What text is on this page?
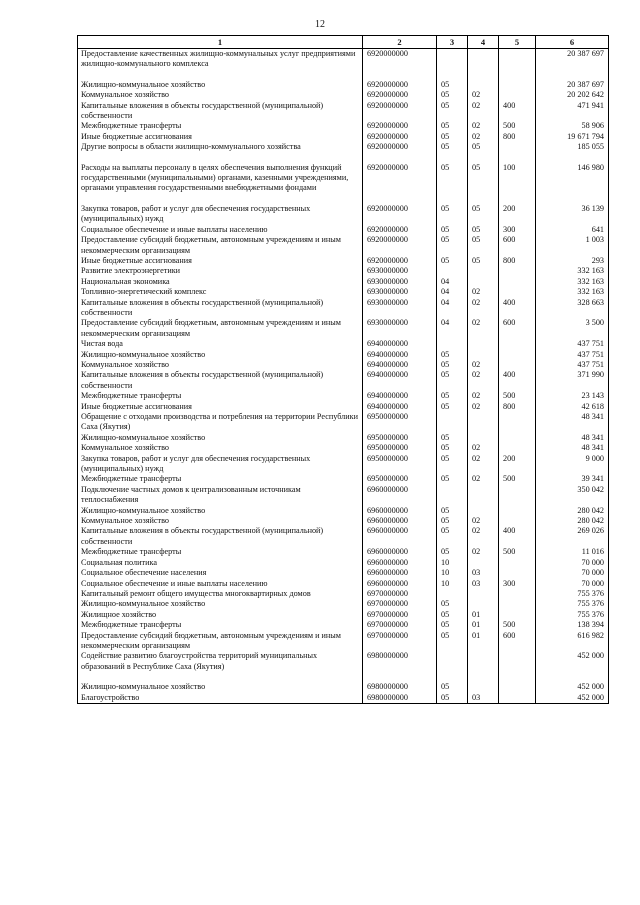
12
1	2	3	4	5	6
Предоставление качественных жилищно-коммунальных услуг предприятиями жилищно-коммунального комплекса	6920000000				20 387 697

Жилищно-коммунальное хозяйство	6920000000	05			20 387 697
Коммунальное хозяйство	6920000000	05	02		20 202 642
Капитальные вложения в объекты государственной (муниципальной) собственности	6920000000	05	02	400	471 941
Межбюджетные трансферты	6920000000	05	02	500	58 906
Иные бюджетные ассигнования	6920000000	05	02	800	19 671 794
Другие вопросы в области жилищно-коммунального хозяйства	6920000000	05	05		185 055

Расходы на выплаты персоналу в целях обеспечения выполнения функций государственными (муниципальными) органами, казенными учреждениями, органами управления государственными внебюджетными фондами	6920000000	05	05	100	146 980

Закупка товаров, работ и услуг для обеспечения государственных (муниципальных) нужд	6920000000	05	05	200	36 139
Социальное обеспечение и иные выплаты населению	6920000000	05	05	300	641
Предоставление субсидий бюджетным, автономным учреждениям и иным некоммерческим организациям	6920000000	05	05	600	1 003
Иные бюджетные ассигнования	6920000000	05	05	800	293
Развитие электроэнергетики	6930000000				332 163
Национальная экономика	6930000000	04			332 163
Топливно-энергетический комплекс	6930000000	04	02		332 163
Капитальные вложения в объекты государственной (муниципальной) собственности	6930000000	04	02	400	328 663
Предоставление субсидий бюджетным, автономным учреждениям и иным некоммерческим организациям	6930000000	04	02	600	3 500
Чистая вода	6940000000				437 751
Жилищно-коммунальное хозяйство	6940000000	05			437 751
Коммунальное хозяйство	6940000000	05	02		437 751
Капитальные вложения в объекты государственной (муниципальной) собственности	6940000000	05	02	400	371 990
Межбюджетные трансферты	6940000000	05	02	500	23 143
Иные бюджетные ассигнования	6940000000	05	02	800	42 618
Обращение с отходами производства и потребления на территории Республики Саха (Якутия)	6950000000				48 341
Жилищно-коммунальное хозяйство	6950000000	05			48 341
Коммунальное хозяйство	6950000000	05	02		48 341
Закупка товаров, работ и услуг для обеспечения государственных (муниципальных) нужд	6950000000	05	02	200	9 000
Межбюджетные трансферты	6950000000	05	02	500	39 341
Подключение частных домов к централизованным источникам теплоснабжения	6960000000				350 042
Жилищно-коммунальное хозяйство	6960000000	05			280 042
Коммунальное хозяйство	6960000000	05	02		280 042
Капитальные вложения в объекты государственной (муниципальной) собственности	6960000000	05	02	400	269 026
Межбюджетные трансферты	6960000000	05	02	500	11 016
Социальная политика	6960000000	10			70 000
Социальное обеспечение населения	6960000000	10	03		70 000
Социальное обеспечение и иные выплаты населению	6960000000	10	03	300	70 000
Капитальный ремонт общего имущества многоквартирных домов	6970000000				755 376
Жилищно-коммунальное хозяйство	6970000000	05			755 376
Жилищное хозяйство	6970000000	05	01		755 376
Межбюджетные трансферты	6970000000	05	01	500	138 394
Предоставление субсидий бюджетным, автономным учреждениям и иным некоммерческим организациям	6970000000	05	01	600	616 982
Содействие развитию благоустройства территорий муниципальных образований в Республике Саха (Якутия)	6980000000				452 000

Жилищно-коммунальное хозяйство	6980000000	05			452 000
Благоустройство	6980000000	05	03		452 000
